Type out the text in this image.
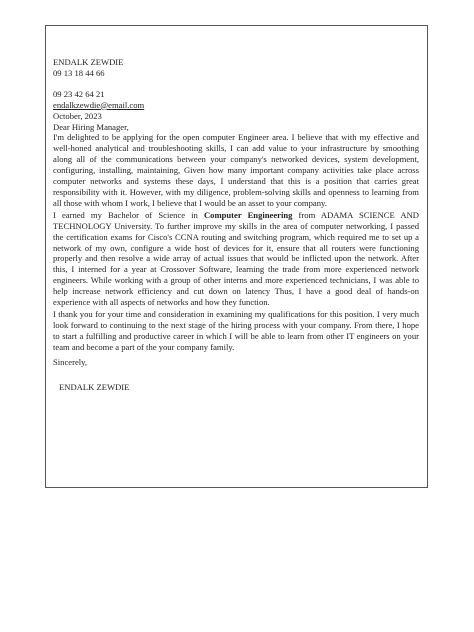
ENDALK ZEWDIE
09 13 18 44 66
09 23 42 64 21
endalkzewdie@email.com
October, 2023
Dear Hiring Manager,

I'm delighted to be applying for the open computer Engineer area. I believe that with my effective and well-honed analytical and troubleshooting skills, I can add value to your infrastructure by smoothing along all of the communications between your company's networked devices, system development, configuring, installing, maintaining, Given how many important company activities take place across computer networks and systems these days, I understand that this is a position that carries great responsibility with it. However, with my diligence, problem-solving skills and openness to learning from all those with whom I work, I believe that I would be an asset to your company.

I earned my Bachelor of Science in Computer Engineering from ADAMA SCIENCE AND TECHNOLOGY University. To further improve my skills in the area of computer networking, I passed the certification exams for Cisco's CCNA routing and switching program, which required me to set up a network of my own, configure a wide host of devices for it, ensure that all routers were functioning properly and then resolve a wide array of actual issues that would be inflicted upon the network. After this, I interned for a year at Crossover Software, learning the trade from more experienced network engineers. While working with a group of other interns and more experienced technicians, I was able to help increase network efficiency and cut down on latency Thus, I have a good deal of hands-on experience with all aspects of networks and how they function.

I thank you for your time and consideration in examining my qualifications for this position. I very much look forward to continuing to the next stage of the hiring process with your company. From there, I hope to start a fulfilling and productive career in which I will be able to learn from other IT engineers on your team and become a part of the your company family.

Sincerely,
ENDALK ZEWDIE
